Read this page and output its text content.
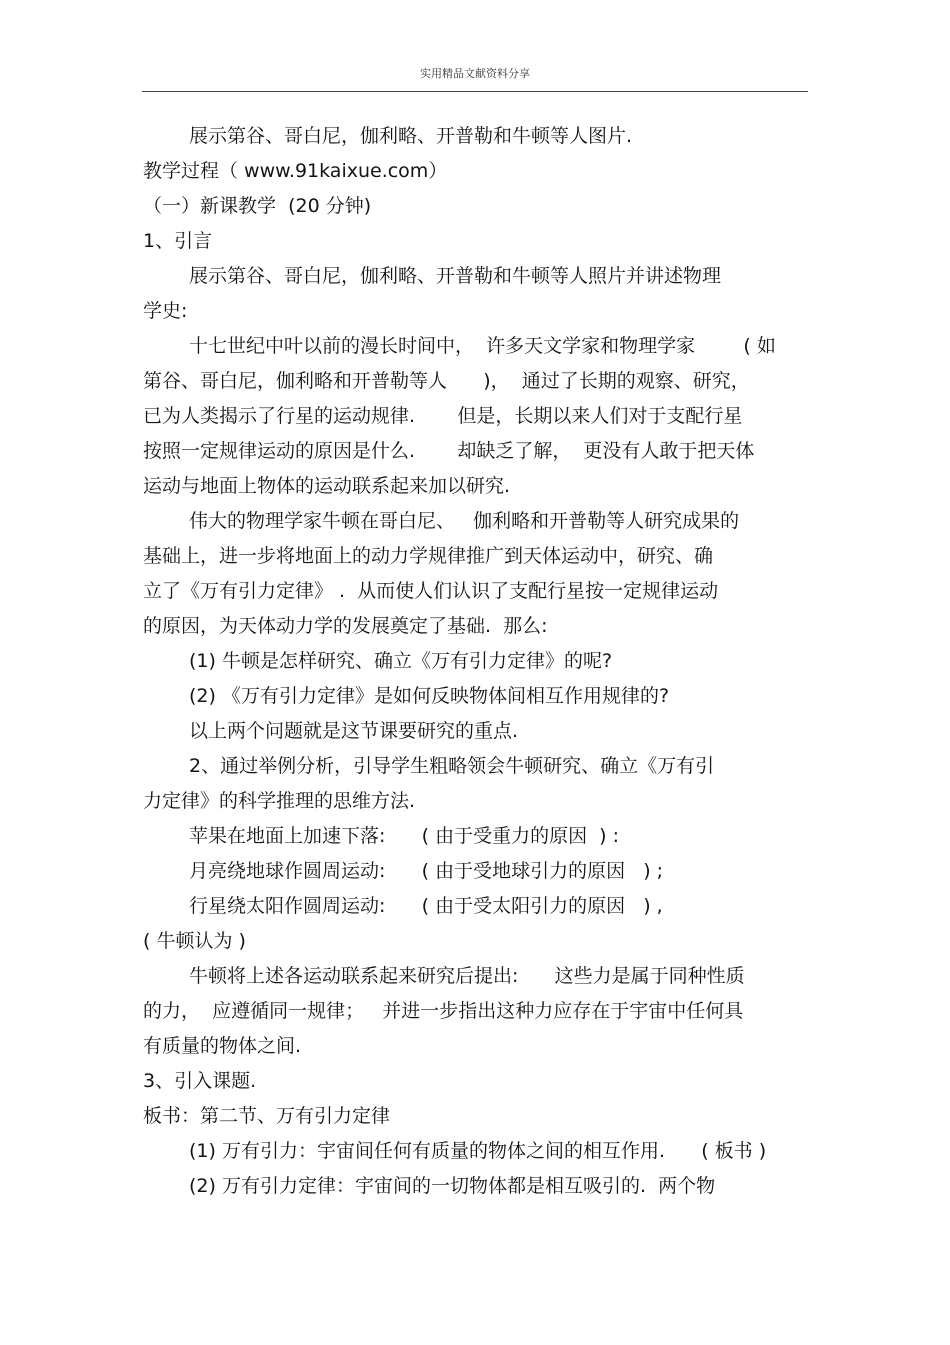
实用精品文献资料分享
展示第谷、哥白尼，伽利略、开普勒和牛顿等人图片.
教学过程（ www.91kaixue.com）
（一）新课教学  (20 分钟)
1、引言
展示第谷、哥白尼，伽利略、开普勒和牛顿等人照片并讲述物理
学史:
十七世纪中叶以前的漫长时间中，  许多天文学家和物理学家        ( 如
第谷、哥白尼，伽利略和开普勒等人      )，  通过了长期的观察、研究，
已为人类揭示了行星的运动规律.       但是，长期以来人们对于支配行星
按照一定规律运动的原因是什么.       却缺乏了解，  更没有人敢于把天体
运动与地面上物体的运动联系起来加以研究.
伟大的物理学家牛顿在哥白尼、   伽利略和开普勒等人研究成果的
基础上，进一步将地面上的动力学规律推广到天体运动中，研究、确
立了《万有引力定律》 .  从而使人们认识了支配行星按一定规律运动
的原因，为天体动力学的发展奠定了基础.  那么:
(1) 牛顿是怎样研究、确立《万有引力定律》的呢?
(2) 《万有引力定律》是如何反映物体间相互作用规律的?
以上两个问题就是这节课要研究的重点.
2、通过举例分析，引导学生粗略领会牛顿研究、确立《万有引
力定律》的科学推理的思维方法.
苹果在地面上加速下落:      ( 由于受重力的原因  ) :
月亮绕地球作圆周运动:      ( 由于受地球引力的原因   ) ;
行星绕太阳作圆周运动:      ( 由于受太阳引力的原因   ) ,
( 牛顿认为 )
牛顿将上述各运动联系起来研究后提出:      这些力是属于同种性质
的力，  应遵循同一规律；   并进一步指出这种力应存在于宇宙中任何具
有质量的物体之间.
3、引入课题.
板书：第二节、万有引力定律
(1) 万有引力：宇宙间任何有质量的物体之间的相互作用.      ( 板书 )
(2) 万有引力定律：宇宙间的一切物体都是相互吸引的.  两个物
